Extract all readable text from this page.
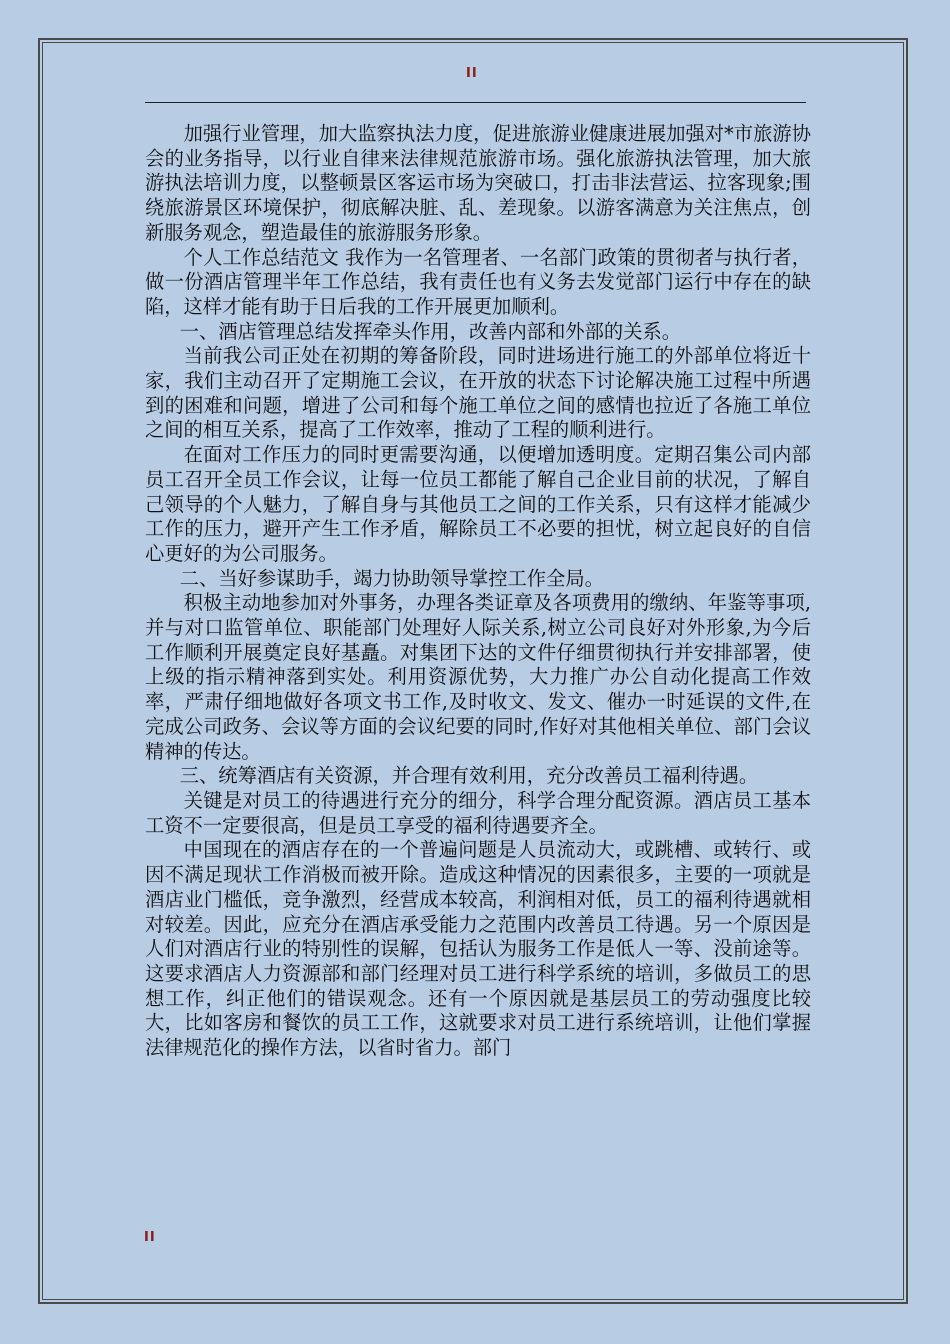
II

加强行业管理，加大监察执法力度，促进旅游业健康进展加强对*市旅游协会的业务指导，以行业自律来法律规范旅游市场。强化旅游执法管理，加大旅游执法培训力度，以整顿景区客运市场为突破口，打击非法营运、拉客现象;围绕旅游景区环境保护，彻底解决脏、乱、差现象。以游客满意为关注焦点，创新服务观念，塑造最佳的旅游服务形象。

个人工作总结范文 我作为一名管理者、一名部门政策的贯彻者与执行者，做一份酒店管理半年工作总结，我有责任也有义务去发觉部门运行中存在的缺陷，这样才能有助于日后我的工作开展更加顺利。

一、酒店管理总结发挥牵头作用，改善内部和外部的关系。

当前我公司正处在初期的筹备阶段，同时进场进行施工的外部单位将近十家，我们主动召开了定期施工会议，在开放的状态下讨论解决施工过程中所遇到的困难和问题，增进了公司和每个施工单位之间的感情也拉近了各施工单位之间的相互关系，提高了工作效率，推动了工程的顺利进行。

在面对工作压力的同时更需要沟通，以便增加透明度。定期召集公司内部员工召开全员工作会议，让每一位员工都能了解自己企业目前的状况，了解自己领导的个人魅力，了解自身与其他员工之间的工作关系，只有这样才能减少工作的压力，避开产生工作矛盾，解除员工不必要的担忧，树立起良好的自信心更好的为公司服务。

二、当好参谋助手，竭力协助领导掌控工作全局。

积极主动地参加对外事务，办理各类证章及各项费用的缴纳、年鉴等事项,并与对口监管单位、职能部门处理好人际关系,树立公司良好对外形象,为今后工作顺利开展奠定良好基矗。对集团下达的文件仔细贯彻执行并安排部署，使上级的指示精神落到实处。利用资源优势，大力推广办公自动化提高工作效率，严肃仔细地做好各项文书工作,及时收文、发文、催办一时延误的文件,在完成公司政务、会议等方面的会议纪要的同时,作好对其他相关单位、部门会议精神的传达。

三、统筹酒店有关资源，并合理有效利用，充分改善员工福利待遇。

关键是对员工的待遇进行充分的细分，科学合理分配资源。酒店员工基本工资不一定要很高，但是员工享受的福利待遇要齐全。

中国现在的酒店存在的一个普遍问题是人员流动大，或跳槽、或转行、或因不满足现状工作消极而被开除。造成这种情况的因素很多，主要的一项就是酒店业门槛低，竞争激烈，经营成本较高，利润相对低，员工的福利待遇就相对较差。因此，应充分在酒店承受能力之范围内改善员工待遇。另一个原因是人们对酒店行业的特别性的误解，包括认为服务工作是低人一等、没前途等。这要求酒店人力资源部和部门经理对员工进行科学系统的培训，多做员工的思想工作，纠正他们的错误观念。还有一个原因就是基层员工的劳动强度比较大，比如客房和餐饮的员工工作，这就要求对员工进行系统培训，让他们掌握法律规范化的操作方法，以省时省力。部门

II
